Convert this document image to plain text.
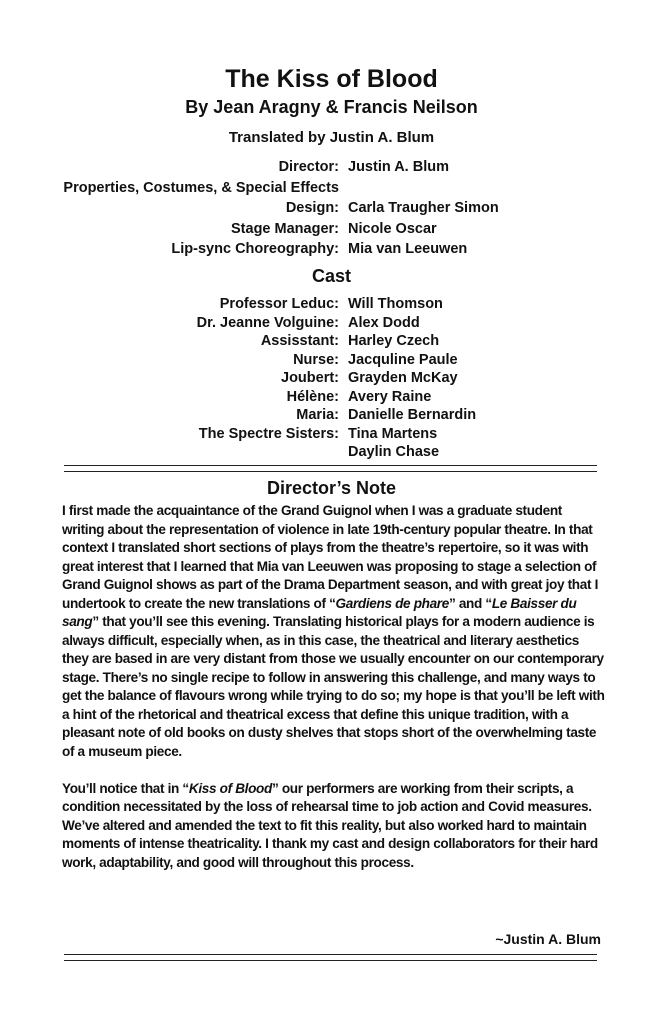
The Kiss of Blood
By Jean Aragny & Francis Neilson
Translated by Justin A. Blum
Director: Justin A. Blum
Properties, Costumes, & Special Effects
Design: Carla Traugher Simon
Stage Manager: Nicole Oscar
Lip-sync Choreography: Mia van Leeuwen
Cast
Professor Leduc: Will Thomson
Dr. Jeanne Volguine: Alex Dodd
Assisstant: Harley Czech
Nurse: Jacquline Paule
Joubert: Grayden McKay
Hélène: Avery Raine
Maria: Danielle Bernardin
The Spectre Sisters: Tina Martens
Daylin Chase
Director’s Note

I first made the acquaintance of the Grand Guignol when I was a graduate student writing about the representation of violence in late 19th-century popular theatre. In that context I translated short sections of plays from the theatre’s repertoire, so it was with great interest that I learned that Mia van Leeuwen was proposing to stage a selection of Grand Guignol shows as part of the Drama Department season, and with great joy that I undertook to create the new translations of “Gardiens de phare” and “Le Baisser du sang” that you’ll see this evening. Translating historical plays for a modern audience is always difficult, especially when, as in this case, the theatrical and literary aesthetics they are based in are very distant from those we usually encounter on our contemporary stage. There’s no single recipe to follow in answering this challenge, and many ways to get the balance of flavours wrong while trying to do so; my hope is that you’ll be left with a hint of the rhetorical and theatrical excess that define this unique tradition, with a pleasant note of old books on dusty shelves that stops short of the overwhelming taste of a museum piece.

You’ll notice that in “Kiss of Blood” our performers are working from their scripts, a condition necessitated by the loss of rehearsal time to job action and Covid measures. We’ve altered and amended the text to fit this reality, but also worked hard to maintain moments of intense theatricality. I thank my cast and design collaborators for their hard work, adaptability, and good will throughout this process.

~Justin A. Blum
